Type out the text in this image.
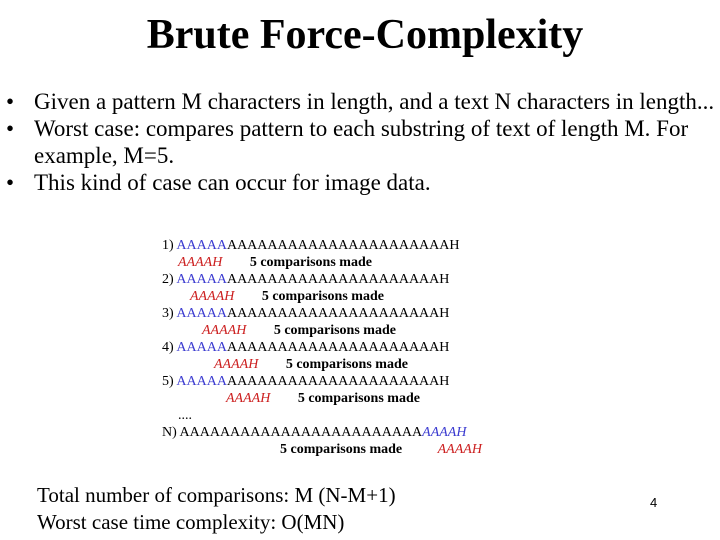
Brute Force-Complexity
• Given a pattern M characters in length, and a text N characters in length...
• Worst case: compares pattern to each substring of text of length M. For example, M=5.
• This kind of case can occur for image data.
1) AAAAAAAAAAAAAAAAAAAAAAAAAAAH
AAAAH 5 comparisons made
2) AAAAAAAAAAAAAAAAAAAAAAAAAAH
AAAAH 5 comparisons made
3) AAAAAAAAAAAAAAAAAAAAAAAAAAH
AAAAH 5 comparisons made
4) AAAAAAAAAAAAAAAAAAAAAAAAAAH
AAAAH 5 comparisons made
5) AAAAAAAAAAAAAAAAAAAAAAAAAAH
AAAAH 5 comparisons made
....
N) AAAAAAAAAAAAAAAAAAAAAAAAAAAAH
5 comparisons made	AAAAH
Total number of comparisons: M (N-M+1)
Worst case time complexity: O(MN)
4
